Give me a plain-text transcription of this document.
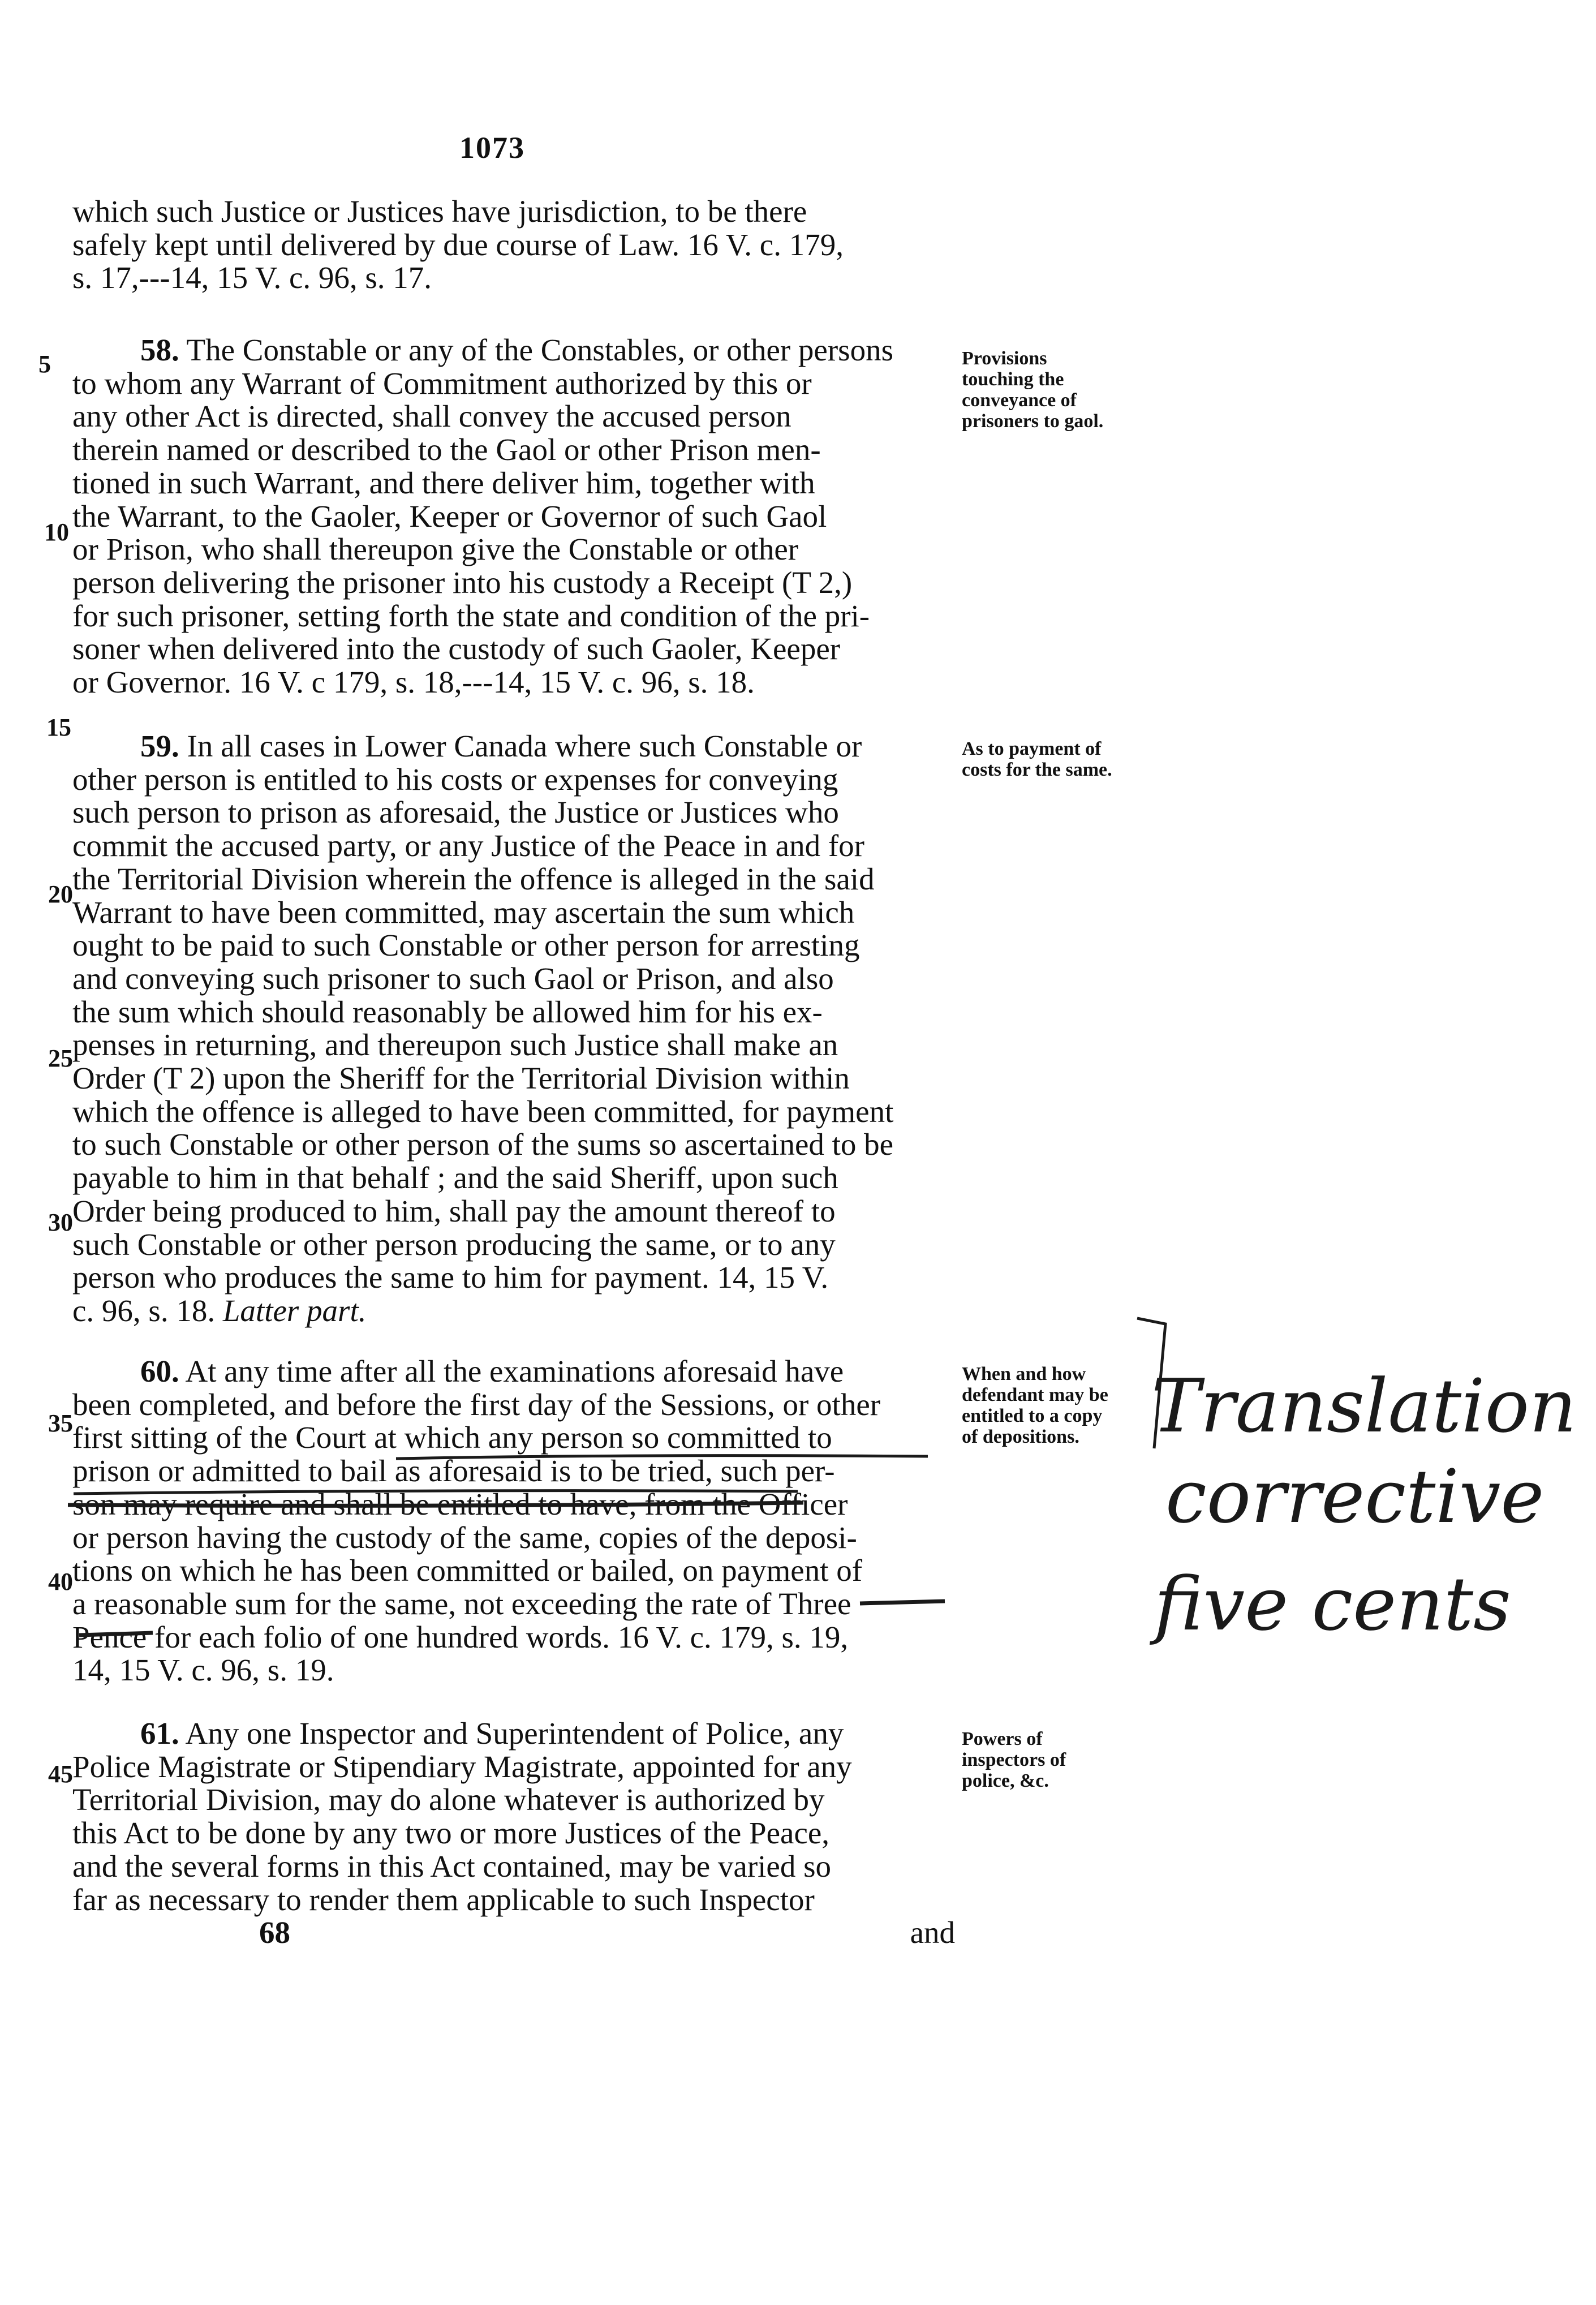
1073
5
10
15
20
25
30
35
40
45

which such Justice or Justices have jurisdiction, to be there

safely kept until delivered by due course of Law. 16 V. c. 179,

s. 17,---14, 15 V. c. 96, s. 17.

58. The Constable or any of the Constables, or other persons

to whom any Warrant of Commitment authorized by this or

any other Act is directed, shall convey the accused person

therein named or described to the Gaol or other Prison men-

tioned in such Warrant, and there deliver him, together with

the Warrant, to the Gaoler, Keeper or Governor of such Gaol

or Prison, who shall thereupon give the Constable or other

person delivering the prisoner into his custody a Receipt (T 2,)

for such prisoner, setting forth the state and condition of the pri-

soner when delivered into the custody of such Gaoler, Keeper

or Governor. 16 V. c 179, s. 18,---14, 15 V. c. 96, s. 18.

59. In all cases in Lower Canada where such Constable or

other person is entitled to his costs or expenses for conveying

such person to prison as aforesaid, the Justice or Justices who

commit the accused party, or any Justice of the Peace in and for

the Territorial Division wherein the offence is alleged in the said

Warrant to have been committed, may ascertain the sum which

ought to be paid to such Constable or other person for arresting

and conveying such prisoner to such Gaol or Prison, and also

the sum which should reasonably be allowed him for his ex-

penses in returning, and thereupon such Justice shall make an

Order (T 2) upon the Sheriff for the Territorial Division within

which the offence is alleged to have been committed, for payment

to such Constable or other person of the sums so ascertained to be

payable to him in that behalf ; and the said Sheriff, upon such

Order being produced to him, shall pay the amount thereof to

such Constable or other person producing the same, or to any

person who produces the same to him for payment. 14, 15 V.

c. 96, s. 18. Latter part.

60. At any time after all the examinations aforesaid have

been completed, and before the first day of the Sessions, or other

first sitting of the Court at which any person so committed to

prison or admitted to bail as aforesaid is to be tried, such per-

son may require and shall be entitled to have, from the Officer

or person having the custody of the same, copies of the deposi-

tions on which he has been committed or bailed, on payment of

a reasonable sum for the same, not exceeding the rate of Three

Pence for each folio of one hundred words. 16 V. c. 179, s. 19,

14, 15 V. c. 96, s. 19.

61. Any one Inspector and Superintendent of Police, any

Police Magistrate or Stipendiary Magistrate, appointed for any

Territorial Division, may do alone whatever is authorized by

this Act to be done by any two or more Justices of the Peace,

and the several forms in this Act contained, may be varied so

far as necessary to render them applicable to such Inspector

68	and
Provisions touching the conveyance of prisoners to gaol.
As to payment of costs for the same.
When and how defendant may be entitled to a copy of depositions.
Powers of inspectors of police, &c.
Translation
corrective
five cents
